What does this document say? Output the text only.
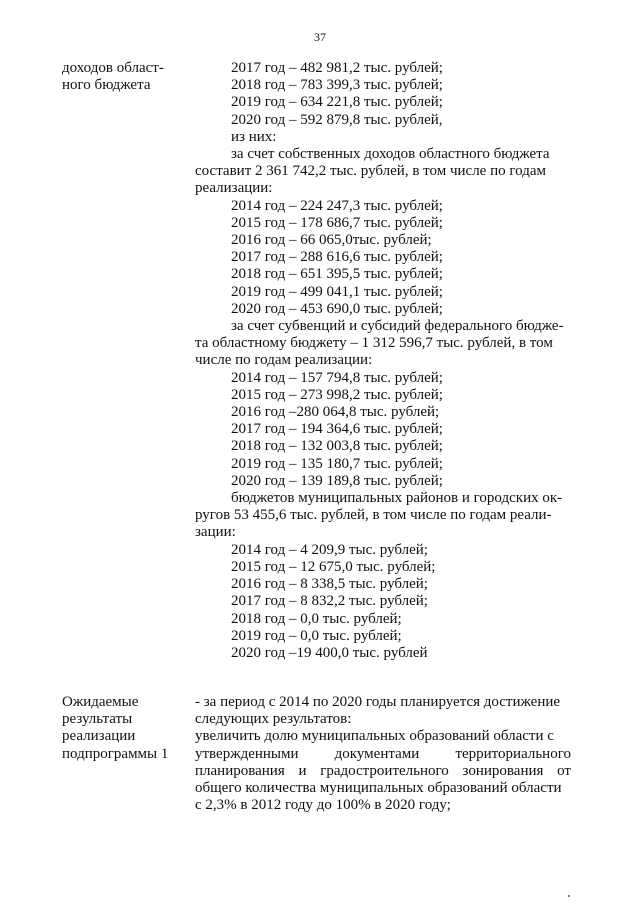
37
доходов област-
ного бюджета
2017 год – 482 981,2 тыс. рублей;
2018 год – 783 399,3 тыс. рублей;
2019 год – 634 221,8 тыс. рублей;
2020 год – 592 879,8 тыс. рублей,
из них:
за счет собственных доходов областного бюджета
составит 2 361 742,2 тыс. рублей, в том числе по годам
реализации:
2014 год – 224 247,3 тыс. рублей;
2015 год – 178 686,7 тыс. рублей;
2016 год – 66 065,0тыс. рублей;
2017 год – 288 616,6 тыс. рублей;
2018 год – 651 395,5 тыс. рублей;
2019 год – 499 041,1 тыс. рублей;
2020 год – 453 690,0 тыс. рублей;
за счет субвенций и субсидий федерального бюдже-
та областному бюджету – 1 312 596,7 тыс. рублей, в том
числе по годам реализации:
2014 год – 157 794,8 тыс. рублей;
2015 год – 273 998,2 тыс. рублей;
2016 год –280 064,8 тыс. рублей;
2017 год – 194 364,6 тыс. рублей;
2018 год – 132 003,8 тыс. рублей;
2019 год – 135 180,7 тыс. рублей;
2020 год – 139 189,8 тыс. рублей;
бюджетов муниципальных районов и городских ок-
ругов 53 455,6 тыс. рублей, в том числе по годам реали-
зации:
2014 год – 4 209,9 тыс. рублей;
2015 год – 12 675,0 тыс. рублей;
2016 год – 8 338,5 тыс. рублей;
2017 год – 8 832,2 тыс. рублей;
2018 год – 0,0 тыс. рублей;
2019 год – 0,0 тыс. рублей;
2020 год –19 400,0 тыс. рублей
Ожидаемые
результаты
реализации
подпрограммы 1
- за период с 2014 по 2020 годы планируется достижение
следующих результатов:
увеличить долю муниципальных образований области с
утвержденными документами территориального
планирования и градостроительного зонирования от
общего количества муниципальных образований области
с 2,3% в 2012 году до 100% в 2020 году;
